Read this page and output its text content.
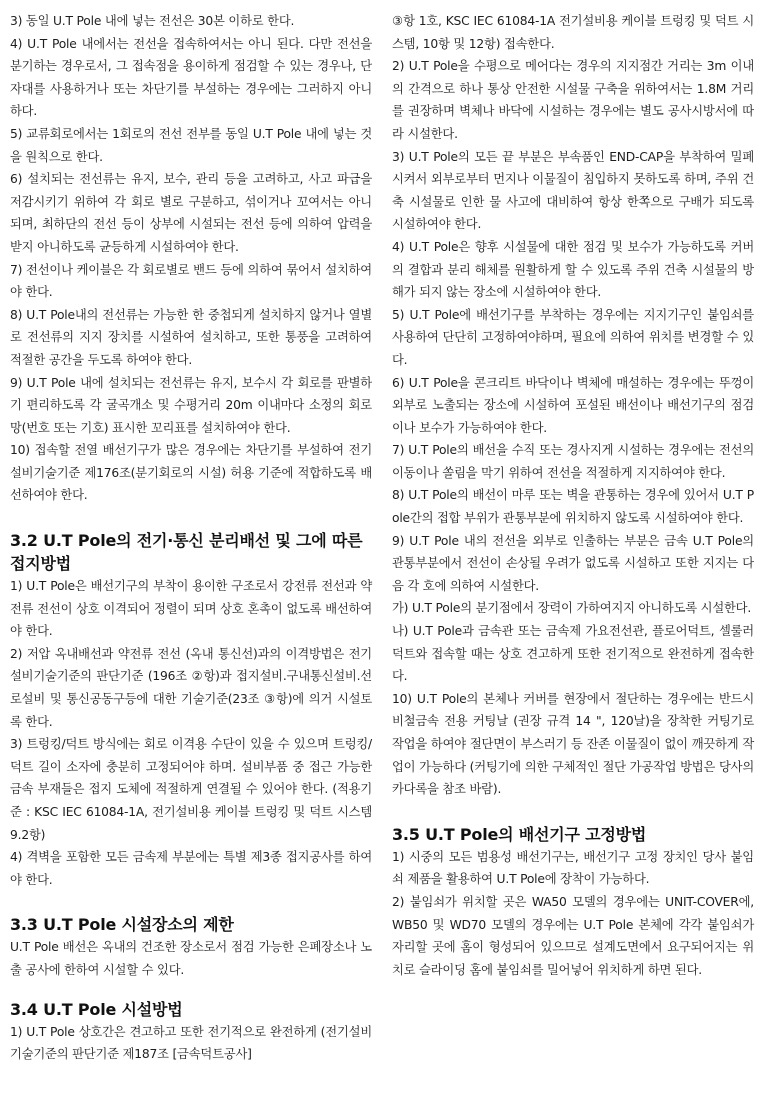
3) 동일 U.T Pole 내에 넣는 전선은 30본 이하로 한다.

4) U.T Pole 내에서는 전선을 접속하여서는 아니 된다. 다만 전선을 분기하는 경우로서, 그 접속점을 용이하게 점검할 수 있는 경우나, 단자대를 사용하거나 또는 차단기를 부설하는 경우에는 그러하지 아니하다.

5) 교류회로에서는 1회로의 전선 전부를 동일 U.T Pole 내에 넣는 것을 원칙으로 한다.

6) 설치되는 전선류는 유지, 보수, 관리 등을 고려하고, 사고 파급을 저감시키기 위하여 각 회로 별로 구분하고, 섞이거나 꼬여서는 아니 되며, 최하단의 전선 등이 상부에 시설되는 전선 등에 의하여 압력을 받지 아니하도록 균등하게 시설하여야 한다.

7) 전선이나 케이블은 각 회로별로 밴드 등에 의하여 묶어서 설치하여야 한다.

8) U.T Pole내의 전선류는 가능한 한 중첩되게 설치하지 않거나 열별로 전선류의 지지 장치를 시설하여 설치하고, 또한 통풍을 고려하여 적절한 공간을 두도록 하여야 한다.

9) U.T Pole 내에 설치되는 전선류는 유지, 보수시 각 회로를 판별하기 편리하도록 각 굴곡개소 및 수평거리 20m 이내마다 소정의 회로망(번호 또는 기호) 표시한 꼬리표를 설치하여야 한다.

10) 접속할 전열 배선기구가 많은 경우에는 차단기를 부설하여 전기설비기술기준 제176조(분기회로의 시설) 허용 기준에 적합하도록 배선하여야 한다.

3.2 U.T Pole의 전기·통신 분리배선 및 그에 따른 접지방법

1) U.T Pole은 배선기구의 부착이 용이한 구조로서 강전류 전선과 약전류 전선이 상호 이격되어 정렬이 되며 상호 혼촉이 없도록 배선하여야 한다.

2) 저압 옥내배선과 약전류 전선 (옥내 통신선)과의 이격방법은 전기설비기술기준의 판단기준 (196조 ②항)과 접지설비.구내통신설비.선로설비 및 통신공동구등에 대한 기술기준(23조 ③항)에 의거 시설토록 한다.

3) 트렁킹/덕트 방식에는 회로 이격용 수단이 있을 수 있으며 트렁킹/덕트 길이 소자에 충분히 고정되어야 하며. 설비부품 중 접근 가능한 금속 부재들은 접지 도체에 적절하게 연결될 수 있어야 한다. (적용기준 : KSC IEC 61084-1A, 전기설비용 케이블 트렁킹 및 덕트 시스템 9.2항)

4) 격벽을 포함한 모든 금속제 부분에는 특별 제3종 접지공사를 하여야 한다.

3.3 U.T Pole 시설장소의 제한

U.T Pole 배선은 옥내의 건조한 장소로서 점검 가능한 은폐장소나 노출 공사에 한하여 시설할 수 있다.

3.4 U.T Pole 시설방법

1) U.T Pole 상호간은 견고하고 또한 전기적으로 완전하게 (전기설비 기술기준의 판단기준 제187조 [금속덕트공사]

③항 1호, KSC IEC 61084-1A 전기설비용 케이블 트렁킹 및 덕트 시스템, 10항 및 12항) 접속한다.

2) U.T Pole을 수평으로 메어다는 경우의 지지점간 거리는 3m 이내의 간격으로 하나 통상 안전한 시설물 구축을 위하여서는 1.8M 거리를 권장하며 벽체나 바닥에 시설하는 경우에는 별도 공사시방서에 따라 시설한다.

3) U.T Pole의 모든 끝 부분은 부속품인 END-CAP을 부착하여 밀폐시켜서 외부로부터 먼지나 이물질이 침입하지 못하도록 하며, 주위 건축 시설물로 인한 물 사고에 대비하여 항상 한쪽으로 구배가 되도록 시설하여야 한다.

4) U.T Pole은 향후 시설물에 대한 점검 및 보수가 가능하도록 커버의 결합과 분리 해체를 원활하게 할 수 있도록 주위 건축 시설물의 방해가 되지 않는 장소에 시설하여야 한다.

5) U.T Pole에 배선기구를 부착하는 경우에는 지지기구인 붙임쇠를 사용하여 단단히 고정하여야하며, 필요에 의하여 위치를 변경할 수 있다.

6) U.T Pole을 콘크리트 바닥이나 벽체에 매설하는 경우에는 뚜껑이 외부로 노출되는 장소에 시설하여 포설된 배선이나 배선기구의 점검이나 보수가 가능하여야 한다.

7) U.T Pole의 배선을 수직 또는 경사지게 시설하는 경우에는 전선의 이동이나 쏠림을 막기 위하여 전선을 적절하게 지지하여야 한다.

8) U.T Pole의 배선이 마루 또는 벽을 관통하는 경우에 있어서 U.T Pole간의 접합 부위가 관통부분에 위치하지 않도록 시설하여야 한다.

9) U.T Pole 내의 전선을 외부로 인출하는 부분은 금속 U.T Pole의 관통부분에서 전선이 손상될 우려가 없도록 시설하고 또한 지지는 다음 각 호에 의하여 시설한다.

가) U.T Pole의 분기점에서 장력이 가하여지지 아니하도록 시설한다.

나) U.T Pole과 금속관 또는 금속제 가요전선관, 플로어덕트, 셀룰러덕트와 접속할 때는 상호 견고하게 또한 전기적으로 완전하게 접속한다.

10) U.T Pole의 본체나 커버를 현장에서 절단하는 경우에는 반드시 비철금속 전용 커팅날 (권장 규격 14 ", 120날)을 장착한 커팅기로 작업을 하여야 절단면이 부스러기 등 잔존 이물질이 없이 깨끗하게 작업이 가능하다 (커팅기에 의한 구체적인 절단 가공작업 방법은 당사의 카다록을 참조 바람).

3.5 U.T Pole의 배선기구 고정방법

1) 시중의 모든 범용성 배선기구는, 배선기구 고정 장치인 당사 붙임쇠 제품을 활용하여 U.T Pole에 장착이 가능하다.

2) 붙임쇠가 위치할 곳은 WA50 모델의 경우에는 UNIT-COVER에, WB50 및 WD70 모델의 경우에는 U.T Pole 본체에 각각 붙임쇠가 자리할 곳에 홈이 형성되어 있으므로 설계도면에서 요구되어지는 위치로 슬라이딩 홈에 붙임쇠를 밀어넣어 위치하게 하면 된다.
